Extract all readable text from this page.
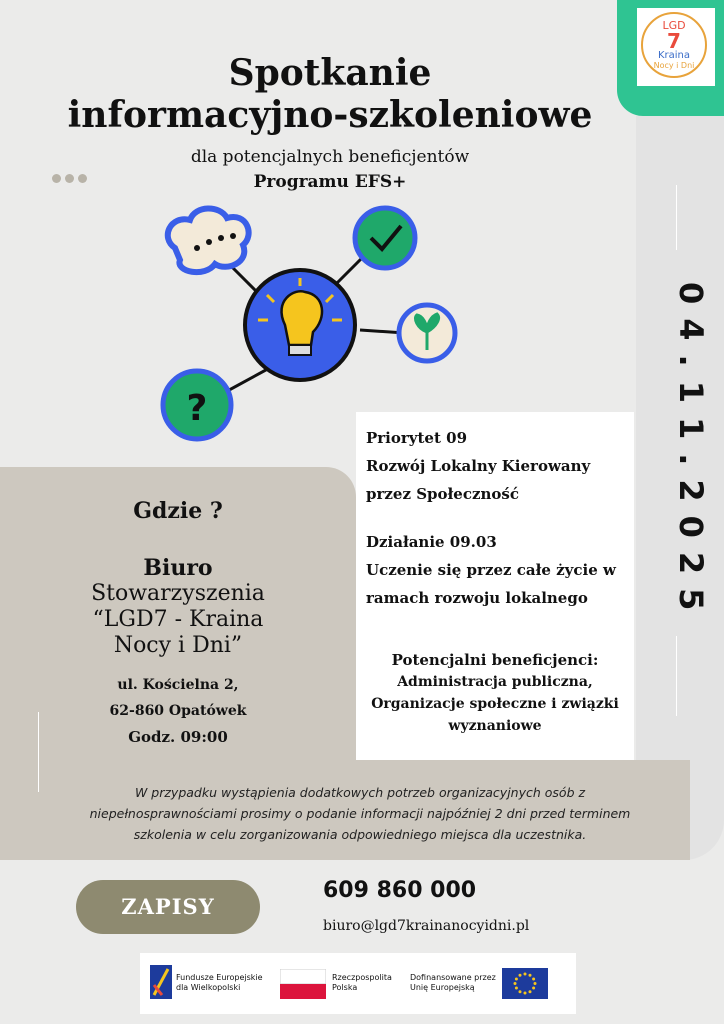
LGD
7
Kraina
Nocy i Dni
Spotkanie
informacyjno-szkoleniowe
dla potencjalnych beneficjentów
Programu EFS+
?	04.11.2025
Gdzie ?
Biuro
Stowarzyszenia
“LGD7 - Kraina
Nocy i Dni”
ul. Kościelna 2,
62-860 Opatówek
Godz. 09:00
Priorytet 09
Rozwój Lokalny Kierowany
przez Społeczność
Działanie 09.03
Uczenie się przez całe życie w
ramach rozwoju lokalnego
Potencjalni beneficjenci:
Administracja publiczna,
Organizacje społeczne i związki
wyznaniowe
W przypadku wystąpienia dodatkowych potrzeb organizacyjnych osób z
niepełnosprawnościami prosimy o podanie informacji najpóźniej 2 dni przed terminem
szkolenia w celu zorganizowania odpowiedniego miejsca dla uczestnika.
ZAPISY
609 860 000
biuro@lgd7krainanocyidni.pl
Fundusze Europejskie
dla Wielkopolski
Rzeczpospolita
Polska
Dofinansowane przez
Unię Europejską
